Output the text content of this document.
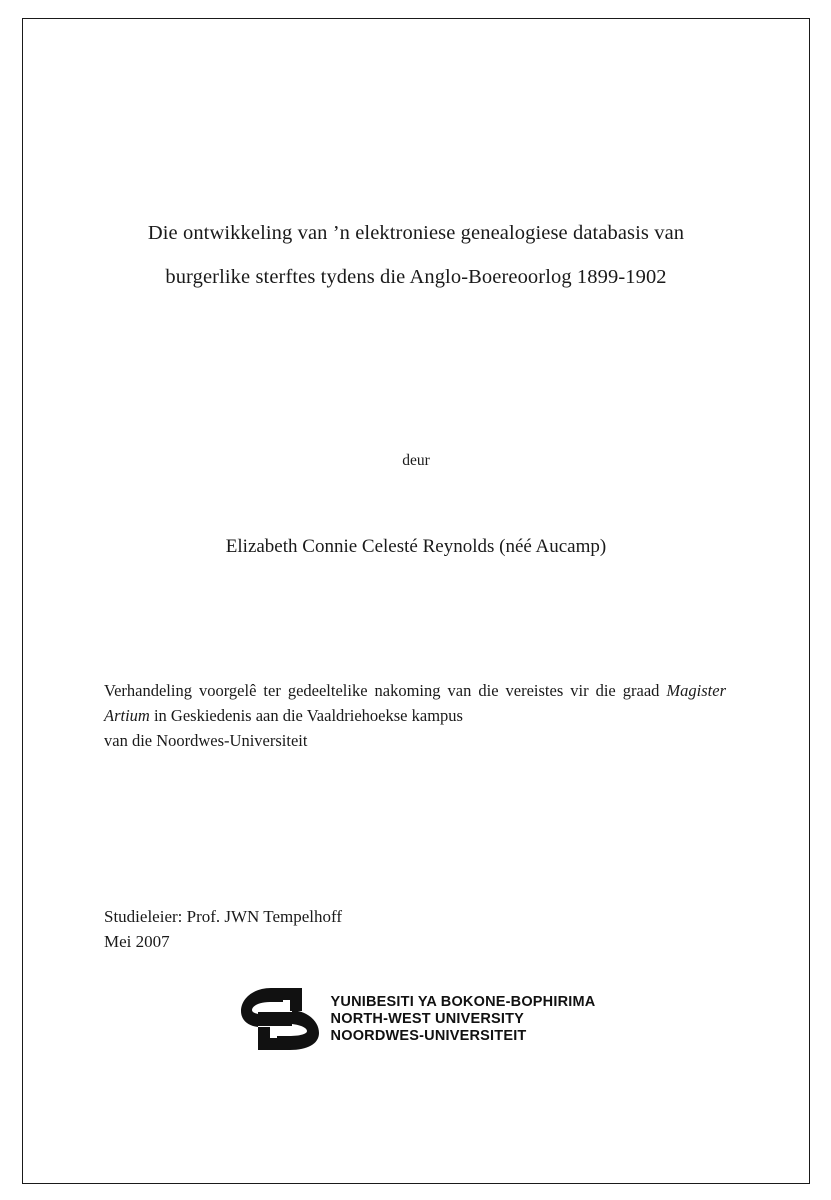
Die ontwikkeling van ’n elektroniese genealogiese databasis van
burgerlike sterftes tydens die Anglo-Boereoorlog 1899-1902
deur
Elizabeth Connie Celesté Reynolds (néé Aucamp)
Verhandeling voorgelê ter gedeeltelike nakoming van die vereistes vir die graad Magister Artium in Geskiedenis aan die Vaaldriehoekse kampus
van die Noordwes-Universiteit
Studieleier: Prof. JWN Tempelhoff
Mei 2007
YUNIBESITI YA BOKONE-BOPHIRIMA
NORTH-WEST UNIVERSITY
NOORDWES-UNIVERSITEIT
